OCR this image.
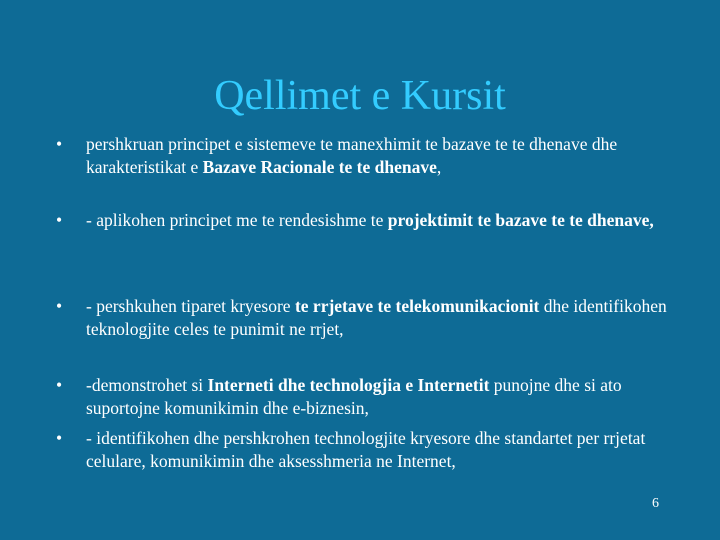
Qellimet e Kursit
•	pershkruan principet e sistemeve te manexhimit te bazave te te dhenave dhe karakteristikat e Bazave Racionale te te dhenave,
•	- aplikohen principet me te rendesishme te projektimit te bazave te te dhenave,
•	- pershkuhen tiparet kryesore te rrjetave te telekomunikacionit dhe identifikohen teknologjite celes te punimit ne rrjet,
•	-demonstrohet si Interneti dhe technologjia e Internetit punojne dhe si ato suportojne komunikimin dhe e-biznesin,
•	- identifikohen dhe pershkrohen technologjite kryesore dhe standartet per rrjetat celulare, komunikimin dhe aksesshmeria ne Internet,
6
